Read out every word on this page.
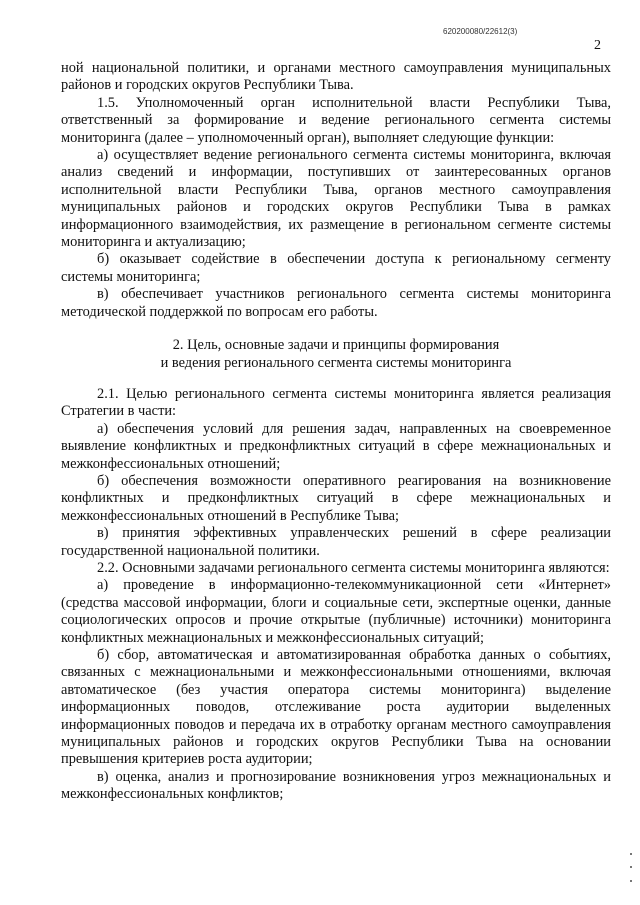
620200080/22612(3)
2

ной национальной политики, и органами местного самоуправления муниципальных районов и городских округов Республики Тыва.

1.5. Уполномоченный орган исполнительной власти Республики Тыва, ответственный за формирование и ведение регионального сегмента системы мониторинга (далее – уполномоченный орган), выполняет следующие функции:

а) осуществляет ведение регионального сегмента системы мониторинга, включая анализ сведений и информации, поступивших от заинтересованных органов исполнительной власти Республики Тыва, органов местного самоуправления муниципальных районов и городских округов Республики Тыва в рамках информационного взаимодействия, их размещение в региональном сегменте системы мониторинга и актуализацию;

б) оказывает содействие в обеспечении доступа к региональному сегменту системы мониторинга;

в) обеспечивает участников регионального сегмента системы мониторинга методической поддержкой по вопросам его работы.

2. Цель, основные задачи и принципы формирования
и ведения регионального сегмента системы мониторинга

2.1. Целью регионального сегмента системы мониторинга является реализация Стратегии в части:

а) обеспечения условий для решения задач, направленных на своевременное выявление конфликтных и предконфликтных ситуаций в сфере межнациональных и межконфессиональных отношений;

б) обеспечения возможности оперативного реагирования на возникновение конфликтных и предконфликтных ситуаций в сфере межнациональных и межконфессиональных отношений в Республике Тыва;

в) принятия эффективных управленческих решений в сфере реализации государственной национальной политики.

2.2. Основными задачами регионального сегмента системы мониторинга являются:

а) проведение в информационно-телекоммуникационной сети «Интернет» (средства массовой информации, блоги и социальные сети, экспертные оценки, данные социологических опросов и прочие открытые (публичные) источники) мониторинга конфликтных межнациональных и межконфессиональных ситуаций;

б) сбор, автоматическая и автоматизированная обработка данных о событиях, связанных с межнациональными и межконфессиональными отношениями, включая автоматическое (без участия оператора системы мониторинга) выделение информационных поводов, отслеживание роста аудитории выделенных информационных поводов и передача их в отработку органам местного самоуправления муниципальных районов и городских округов Республики Тыва на основании превышения критериев роста аудитории;

в) оценка, анализ и прогнозирование возникновения угроз межнациональных и межконфессиональных конфликтов;
